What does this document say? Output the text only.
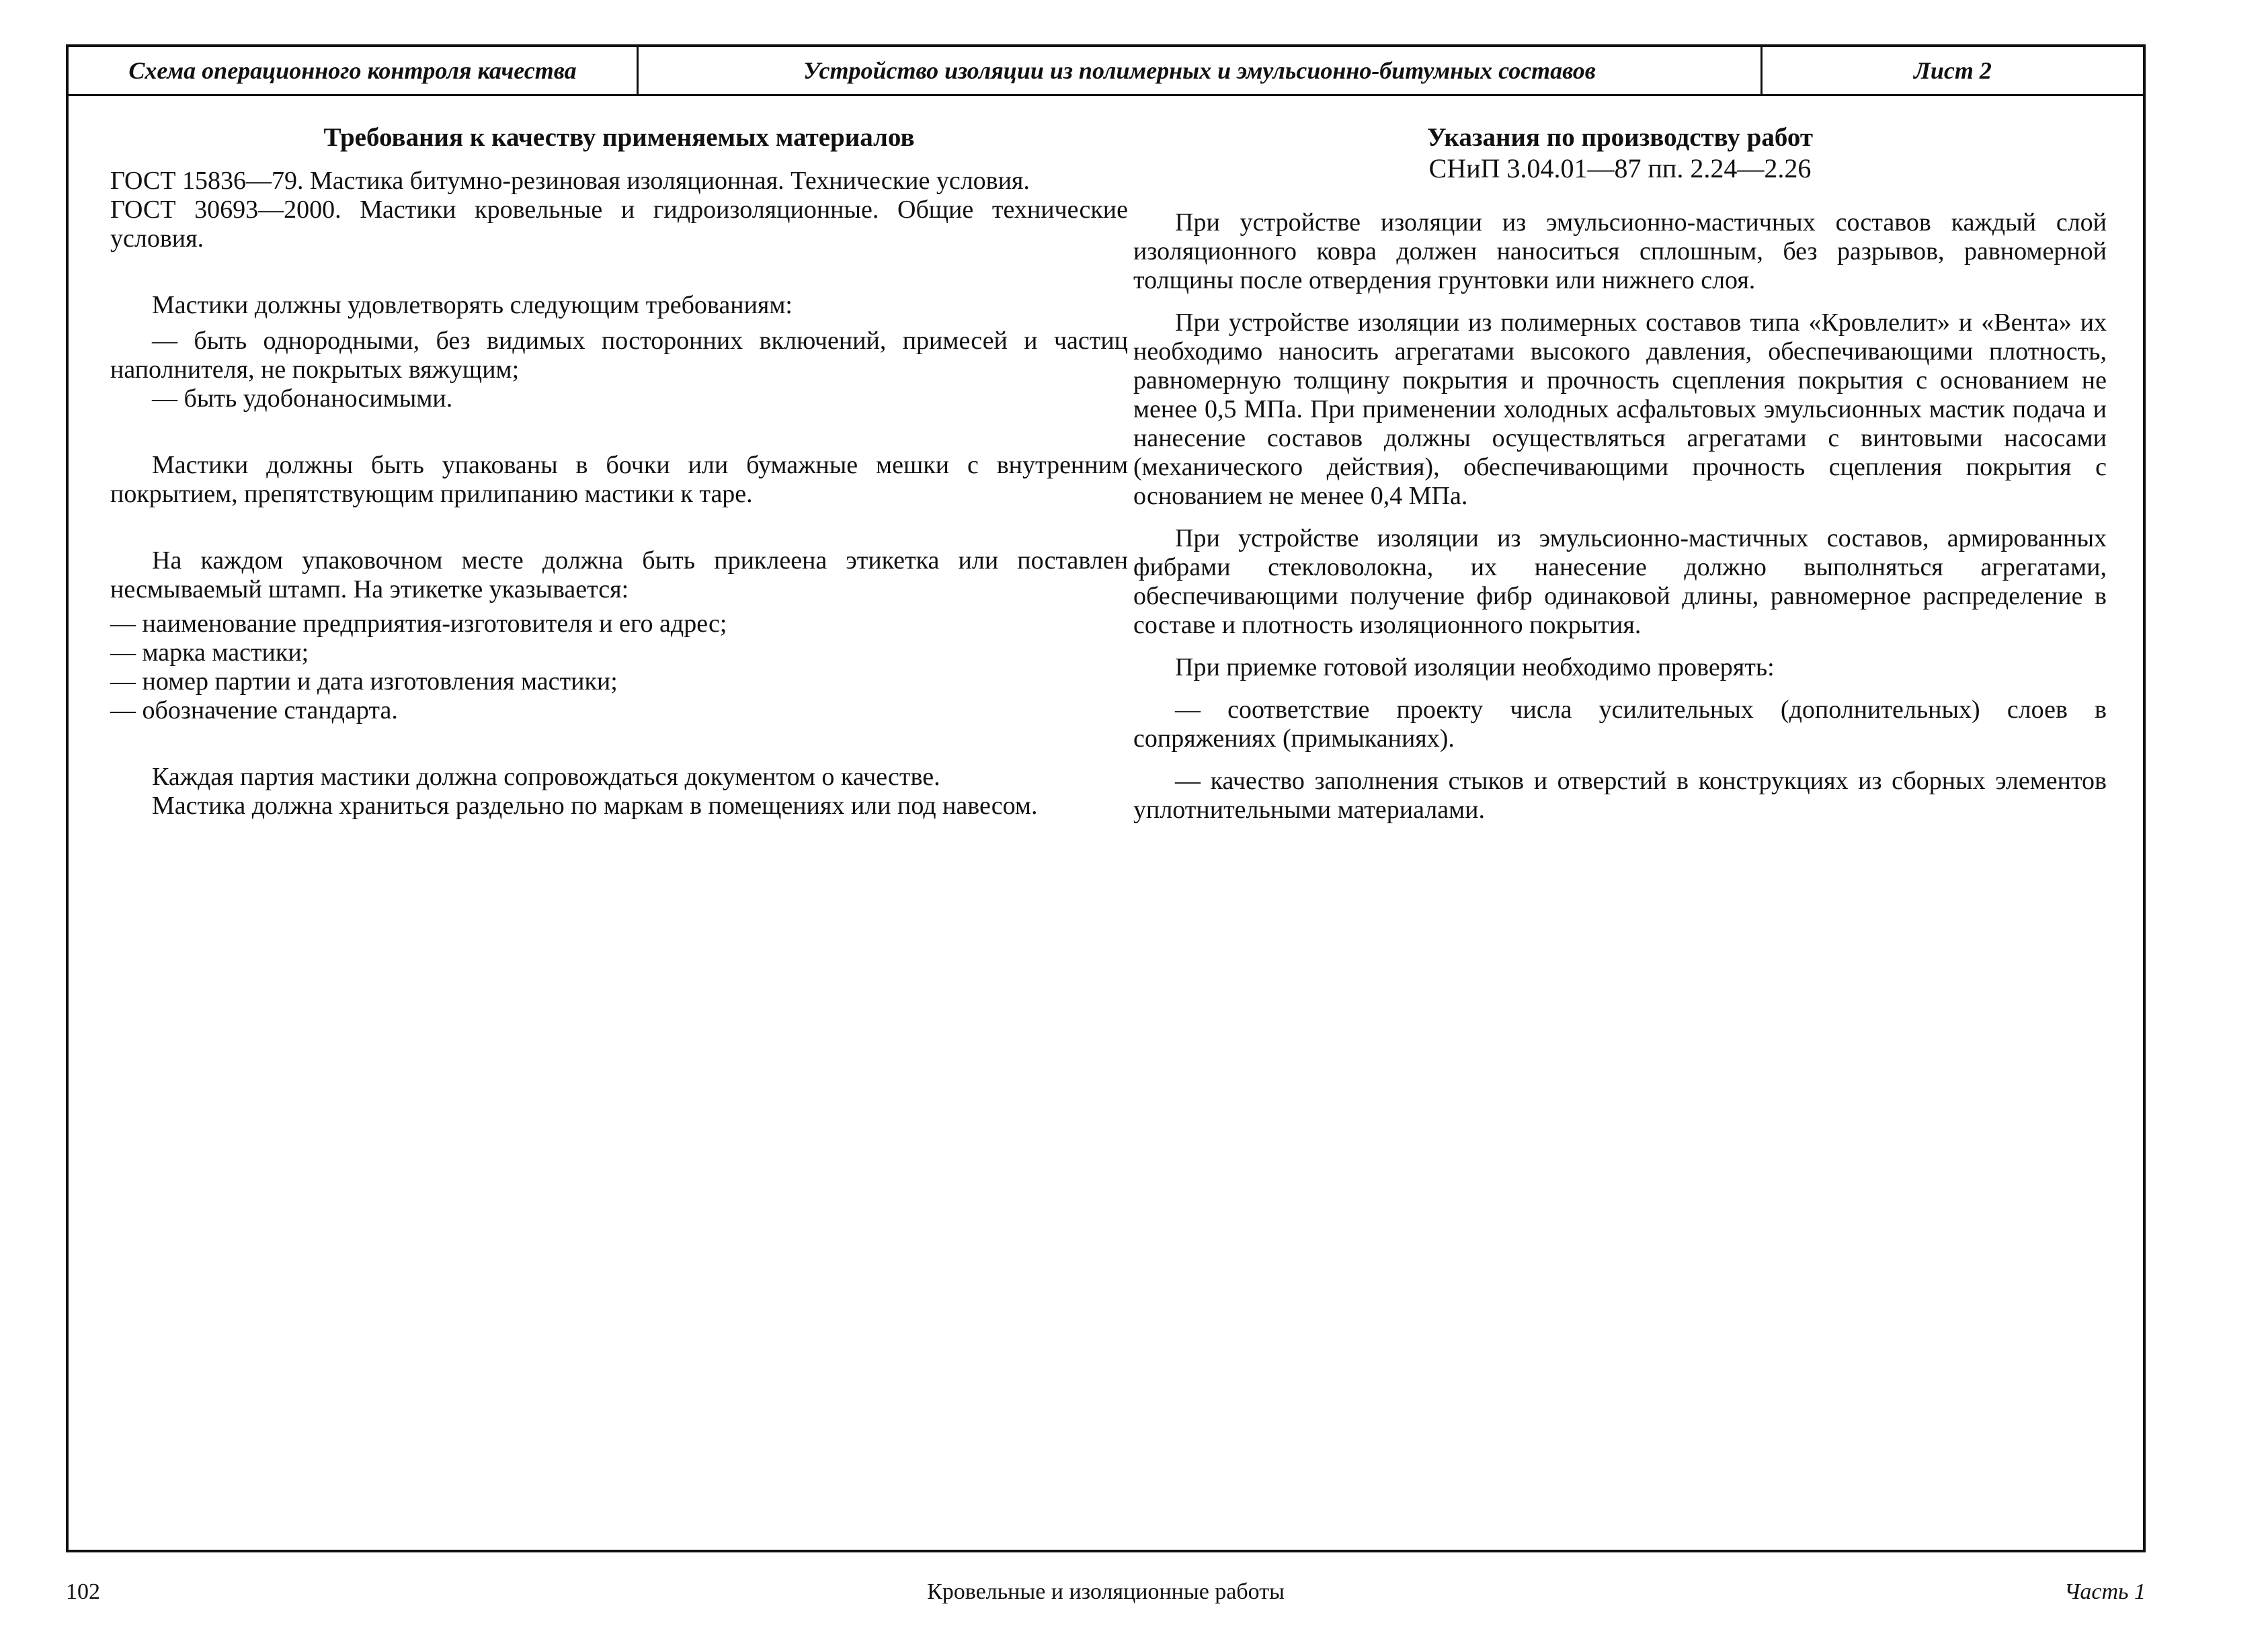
Схема операционного контроля качества	Устройство изоляции из полимерных и эмульсионно-битумных составов	Лист 2
Требования к качеству применяемых материалов

ГОСТ 15836—79. Мастика битумно-резиновая изоляционная. Технические условия.

ГОСТ 30693—2000. Мастики кровельные и гидроизоляционные. Общие технические условия.

Мастики должны удовлетворять следующим требованиям:

— быть однородными, без видимых посторонних включений, примесей и частиц наполнителя, не покрытых вяжущим;

— быть удобонаносимыми.

Мастики должны быть упакованы в бочки или бумажные мешки с внутренним покрытием, препятствующим прилипанию мастики к таре.

На каждом упаковочном месте должна быть приклеена этикетка или поставлен несмываемый штамп. На этикетке указывается:

— наименование предприятия-изготовителя и его адрес;

— марка мастики;

— номер партии и дата изготовления мастики;

— обозначение стандарта.

Каждая партия мастики должна сопровождаться документом о качестве.

Мастика должна храниться раздельно по маркам в помещениях или под навесом.

Указания по производству работ
СНиП 3.04.01—87 пп. 2.24—2.26

При устройстве изоляции из эмульсионно-мастичных составов каждый слой изоляционного ковра должен наноситься сплошным, без разрывов, равномерной толщины после отвердения грунтовки или нижнего слоя.

При устройстве изоляции из полимерных составов типа «Кровлелит» и «Вента» их необходимо наносить агрегатами высокого давления, обеспечивающими плотность, равномерную толщину покрытия и прочность сцепления покрытия с основанием не менее 0,5 МПа. При применении холодных асфальтовых эмульсионных мастик подача и нанесение составов должны осуществляться агрегатами с винтовыми насосами (механического действия), обеспечивающими прочность сцепления покрытия с основанием не менее 0,4 МПа.

При устройстве изоляции из эмульсионно-мастичных составов, армированных фибрами стекловолокна, их нанесение должно выполняться агрегатами, обеспечивающими получение фибр одинаковой длины, равномерное распределение в составе и плотность изоляционного покрытия.

При приемке готовой изоляции необходимо проверять:

— соответствие проекту числа усилительных (дополнительных) слоев в сопряжениях (примыканиях).

— качество заполнения стыков и отверстий в конструкциях из сборных элементов уплотнительными материалами.

102	Кровельные и изоляционные работы	Часть 1
